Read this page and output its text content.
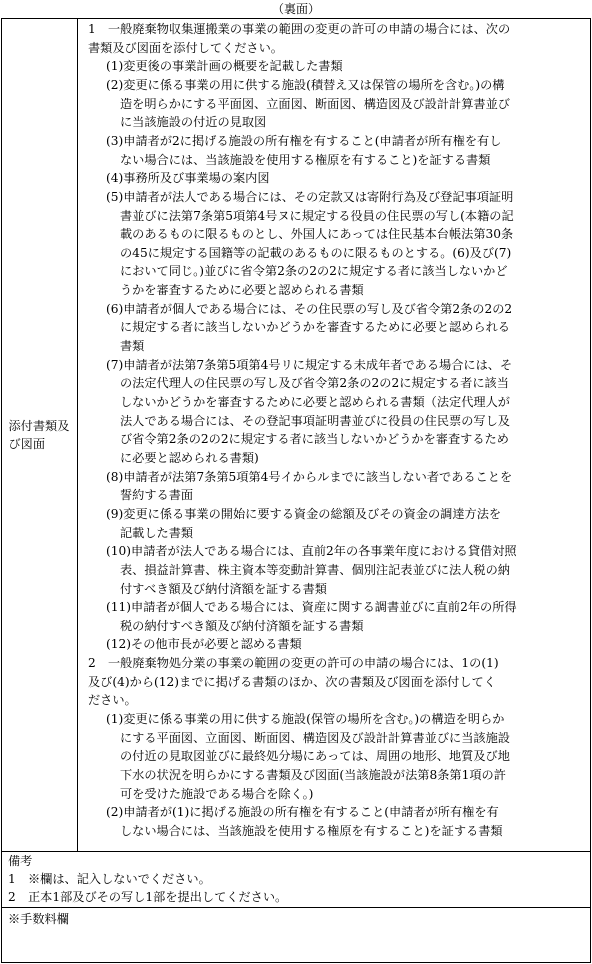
（裏面）
添付書類及び図面
1　一般廃棄物収集運搬業の事業の範囲の変更の許可の申請の場合には、次の
書類及び図面を添付してください。
(1)変更後の事業計画の概要を記載した書類
(2)変更に係る事業の用に供する施設(積替え又は保管の場所を含む。)の構
造を明らかにする平面図、立面図、断面図、構造図及び設計計算書並び
に当該施設の付近の見取図
(3)申請者が2に掲げる施設の所有権を有すること(申請者が所有権を有し
ない場合には、当該施設を使用する権原を有すること)を証する書類
(4)事務所及び事業場の案内図
(5)申請者が法人である場合には、その定款又は寄附行為及び登記事項証明
書並びに法第7条第5項第4号ヌに規定する役員の住民票の写し(本籍の記
載のあるものに限るものとし、外国人にあっては住民基本台帳法第30条
の45に規定する国籍等の記載のあるものに限るものとする。(6)及び(7)
において同じ。)並びに省令第2条の2の2に規定する者に該当しないかど
うかを審査するために必要と認められる書類
(6)申請者が個人である場合には、その住民票の写し及び省令第2条の2の2
に規定する者に該当しないかどうかを審査するために必要と認められる
書類
(7)申請者が法第7条第5項第4号リに規定する未成年者である場合には、そ
の法定代理人の住民票の写し及び省令第2条の2の2に規定する者に該当
しないかどうかを審査するために必要と認められる書類（法定代理人が
法人である場合には、その登記事項証明書並びに役員の住民票の写し及
び省令第2条の2の2に規定する者に該当しないかどうかを審査するため
に必要と認められる書類)
(8)申請者が法第7条第5項第4号イからルまでに該当しない者であることを
誓約する書面
(9)変更に係る事業の開始に要する資金の総額及びその資金の調達方法を
記載した書類
(10)申請者が法人である場合には、直前2年の各事業年度における貸借対照
表、損益計算書、株主資本等変動計算書、個別注記表並びに法人税の納
付すべき額及び納付済額を証する書類
(11)申請者が個人である場合には、資産に関する調書並びに直前2年の所得
税の納付すべき額及び納付済額を証する書類
(12)その他市長が必要と認める書類
2　一般廃棄物処分業の事業の範囲の変更の許可の申請の場合には、1の(1)
及び(4)から(12)までに掲げる書類のほか、次の書類及び図面を添付してく
ださい。
(1)変更に係る事業の用に供する施設(保管の場所を含む。)の構造を明らか
にする平面図、立面図、断面図、構造図及び設計計算書並びに当該施設
の付近の見取図並びに最終処分場にあっては、周囲の地形、地質及び地
下水の状況を明らかにする書類及び図面(当該施設が法第8条第1項の許
可を受けた施設である場合を除く。)
(2)申請者が(1)に掲げる施設の所有権を有すること(申請者が所有権を有
しない場合には、当該施設を使用する権原を有すること)を証する書類
備考
1　※欄は、記入しないでください。
2　正本1部及びその写し1部を提出してください。
※手数料欄
